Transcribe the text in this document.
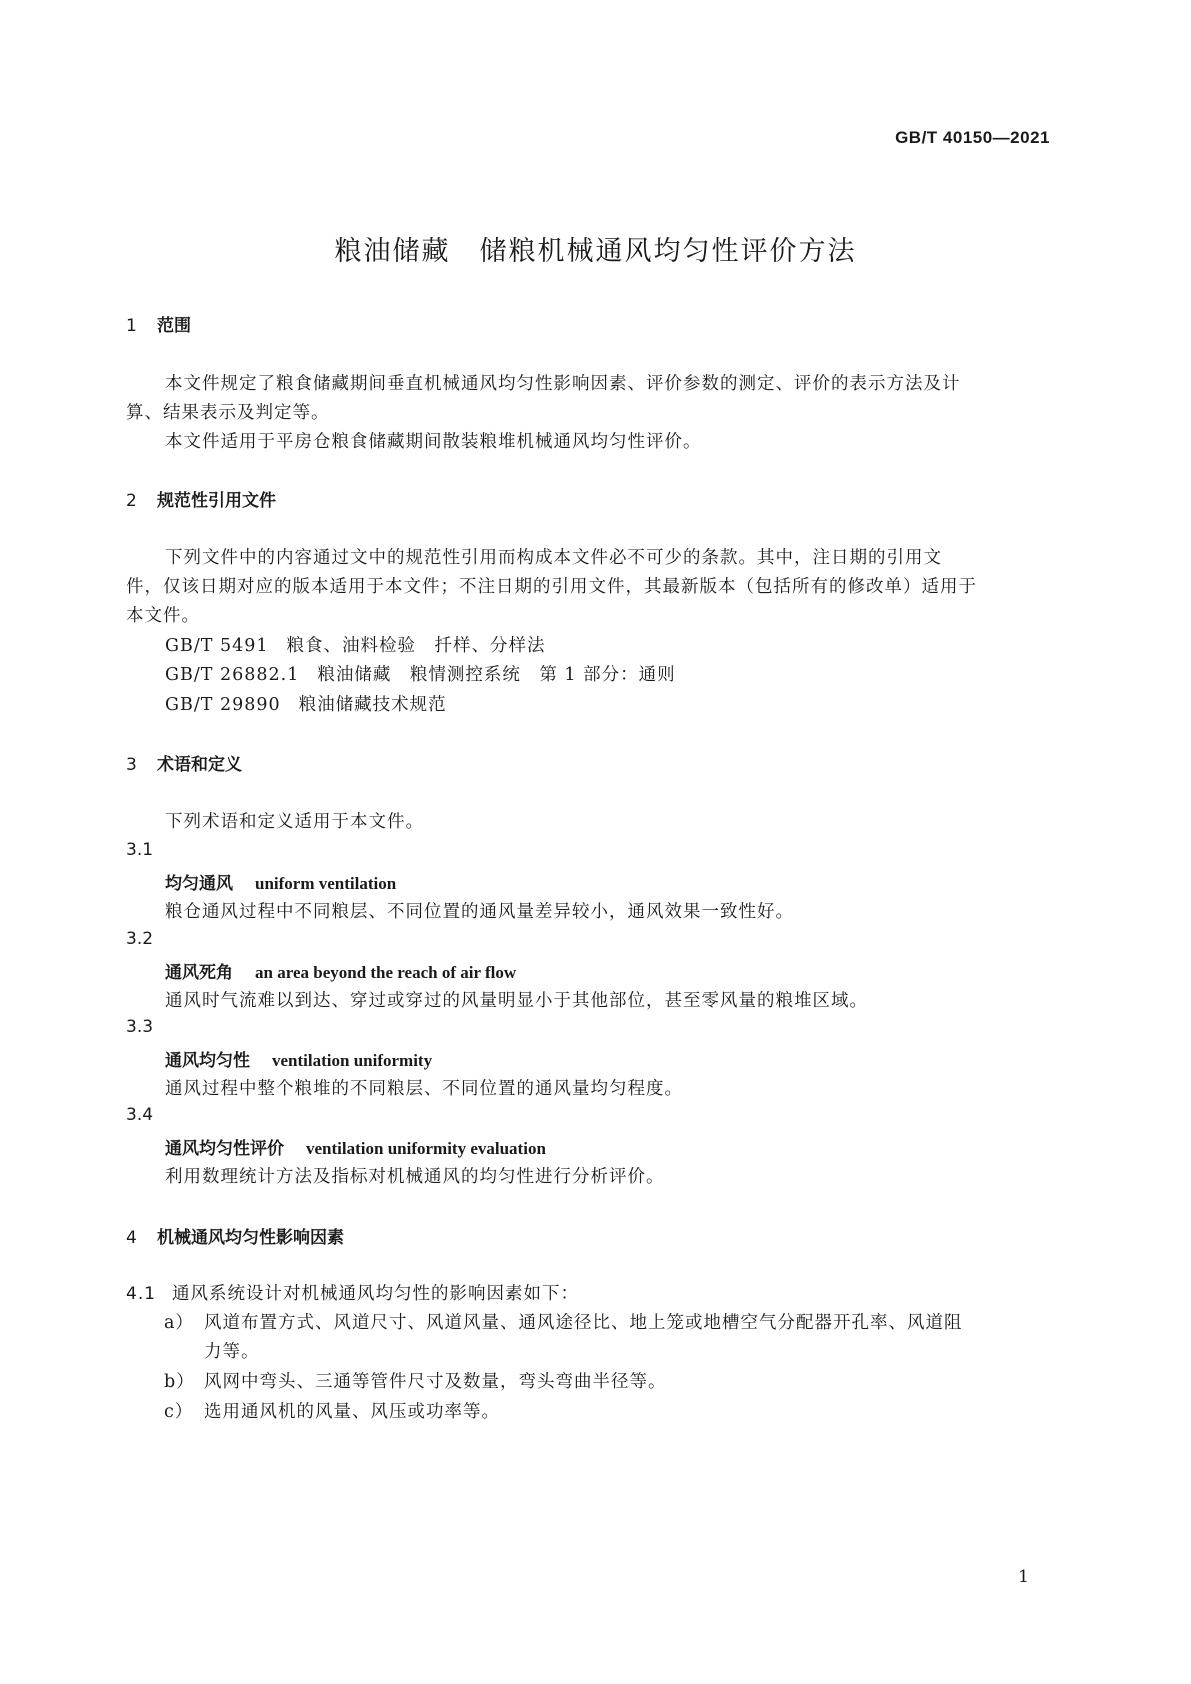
GB/T 40150—2021
粮油储藏　储粮机械通风均匀性评价方法
1 范围
本文件规定了粮食储藏期间垂直机械通风均匀性影响因素、评价参数的测定、评价的表示方法及计
算、结果表示及判定等。
本文件适用于平房仓粮食储藏期间散装粮堆机械通风均匀性评价。
2 规范性引用文件
下列文件中的内容通过文中的规范性引用而构成本文件必不可少的条款。其中，注日期的引用文
件，仅该日期对应的版本适用于本文件；不注日期的引用文件，其最新版本（包括所有的修改单）适用于
本文件。
GB/T 5491 粮食、油料检验　扦样、分样法
GB/T 26882.1 粮油储藏　粮情测控系统　第 1 部分：通则
GB/T 29890 粮油储藏技术规范
3 术语和定义
下列术语和定义适用于本文件。
3.1
均匀通风 uniform ventilation
粮仓通风过程中不同粮层、不同位置的通风量差异较小，通风效果一致性好。
3.2
通风死角 an area beyond the reach of air flow
通风时气流难以到达、穿过或穿过的风量明显小于其他部位，甚至零风量的粮堆区域。
3.3
通风均匀性 ventilation uniformity
通风过程中整个粮堆的不同粮层、不同位置的通风量均匀程度。
3.4
通风均匀性评价 ventilation uniformity evaluation
利用数理统计方法及指标对机械通风的均匀性进行分析评价。
4 机械通风均匀性影响因素
4.1 通风系统设计对机械通风均匀性的影响因素如下：
a） 风道布置方式、风道尺寸、风道风量、通风途径比、地上笼或地槽空气分配器开孔率、风道阻
力等。
b） 风网中弯头、三通等管件尺寸及数量，弯头弯曲半径等。
c） 选用通风机的风量、风压或功率等。
1
